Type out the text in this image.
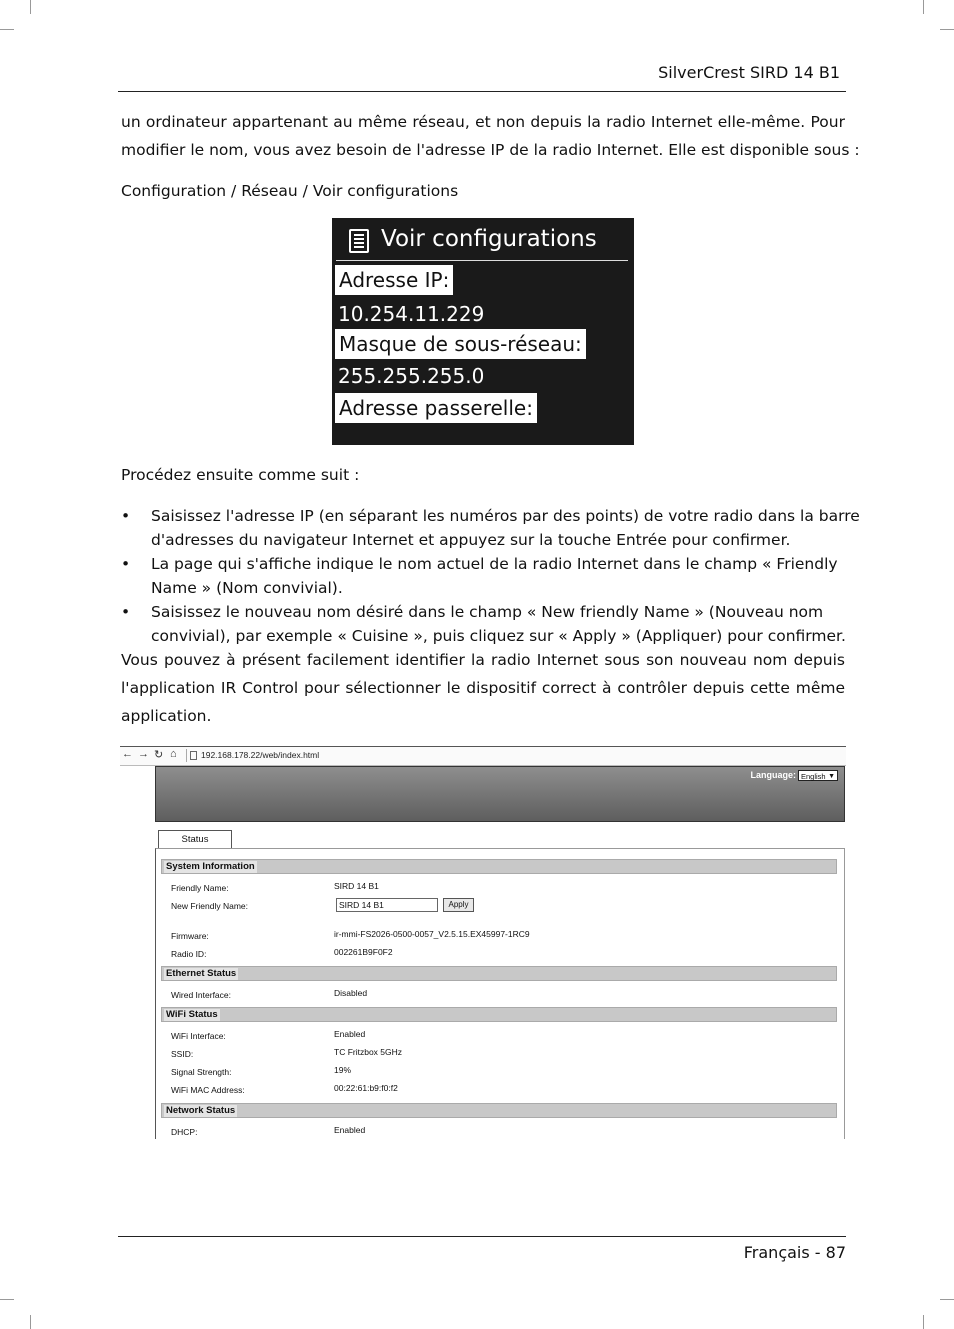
SilverCrest SIRD 14 B1
un ordinateur appartenant au même réseau, et non depuis la radio Internet elle-même. Pour
modifier le nom, vous avez besoin de l'adresse IP de la radio Internet. Elle est disponible sous :
Configuration / Réseau / Voir configurations
Voir configurations
Adresse IP:
10.254.11.229
Masque de sous-réseau:
255.255.255.0
Adresse passerelle:
Procédez ensuite comme suit :
• Saisissez l'adresse IP (en séparant les numéros par des points) de votre radio dans la barre
d'adresses du navigateur Internet et appuyez sur la touche Entrée pour confirmer.
• La page qui s'affiche indique le nom actuel de la radio Internet dans le champ « Friendly
Name » (Nom convivial).
• Saisissez le nouveau nom désiré dans le champ « New friendly Name » (Nouveau nom
convivial), par exemple « Cuisine », puis cliquez sur « Apply » (Appliquer) pour confirmer.
Vous pouvez à présent facilement identifier la radio Internet sous son nouveau nom depuis
l'application IR Control pour sélectionner le dispositif correct à contrôler depuis cette même
application.
← → ↻ ⌂	192.168.178.22/web/index.html
Language: English ▼
Status
System Information
Friendly Name:	SIRD 14 B1
New Friendly Name:	SIRD 14 B1	Apply
Firmware:	ir-mmi-FS2026-0500-0057_V2.5.15.EX45997-1RC9
Radio ID:	002261B9F0F2
Ethernet Status
Wired Interface:	Disabled
WiFi Status
WiFi Interface:	Enabled
SSID:	TC Fritzbox 5GHz
Signal Strength:	19%
WiFi MAC Address:	00:22:61:b9:f0:f2
Network Status
DHCP:	Enabled
Français - 87
